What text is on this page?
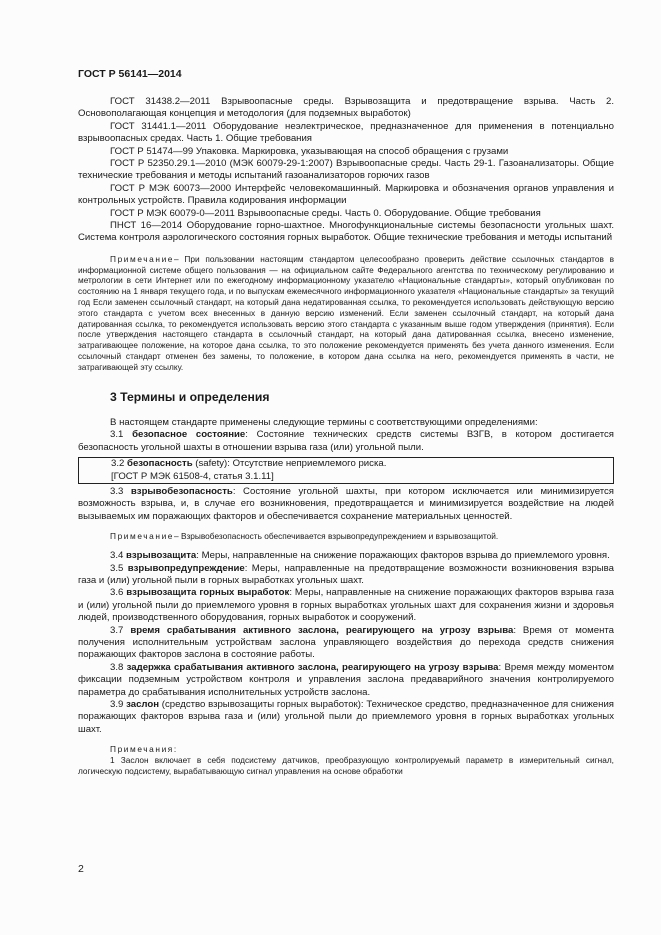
ГОСТ Р 56141—2014

ГОСТ 31438.2—2011 Взрывоопасные среды. Взрывозащита и предотвращение взрыва. Часть 2. Основополагающая концепция и методология (для подземных выработок)

ГОСТ 31441.1—2011 Оборудование неэлектрическое, предназначенное для применения в потенциально взрывоопасных средах. Часть 1. Общие требования

ГОСТ Р 51474—99 Упаковка. Маркировка, указывающая на способ обращения с грузами

ГОСТ Р 52350.29.1—2010 (МЭК 60079-29-1:2007) Взрывоопасные среды. Часть 29-1. Газоанализаторы. Общие технические требования и методы испытаний газоанализаторов горючих газов

ГОСТ Р МЭК 60073—2000 Интерфейс человекомашинный. Маркировка и обозначения органов управления и контрольных устройств. Правила кодирования информации

ГОСТ Р МЭК 60079-0—2011 Взрывоопасные среды. Часть 0. Оборудование. Общие требования

ПНСТ 16—2014 Оборудование горно-шахтное. Многофункциональные системы безопасности угольных шахт. Система контроля аэрологического состояния горных выработок. Общие технические требования и методы испытаний

Примечание– При пользовании настоящим стандартом целесообразно проверить действие ссылочных стандартов в информационной системе общего пользования — на официальном сайте Федерального агентства по техническому регулированию и метрологии в сети Интернет или по ежегодному информационному указателю «Национальные стандарты», который опубликован по состоянию на 1 января текущего года, и по выпускам ежемесячного информационного указателя «Национальные стандарты» за текущий год Если заменен ссылочный стандарт, на который дана недатированная ссылка, то рекомендуется использовать действующую версию этого стандарта с учетом всех внесенных в данную версию изменений. Если заменен ссылочный стандарт, на который дана датированная ссылка, то рекомендуется использовать версию этого стандарта с указанным выше годом утверждения (принятия). Если после утверждения настоящего стандарта в ссылочный стандарт, на который дана датированная ссылка, внесено изменение, затрагивающее положение, на которое дана ссылка, то это положение рекомендуется применять без учета данного изменения. Если ссылочный стандарт отменен без замены, то положение, в котором дана ссылка на него, рекомендуется применять в части, не затрагивающей эту ссылку.

3 Термины и определения

В настоящем стандарте применены следующие термины с соответствующими определениями:

3.1 безопасное состояние: Состояние технических средств системы ВЗГВ, в котором достигается безопасность угольной шахты в отношении взрыва газа (или) угольной пыли.

3.2 безопасность (safety): Отсутствие неприемлемого риска.

[ГОСТ Р МЭК 61508-4, статья 3.1.11]

3.3 взрывобезопасность: Состояние угольной шахты, при котором исключается или минимизируется возможность взрыва, и, в случае его возникновения, предотвращается и минимизируется воздействие на людей вызываемых им поражающих факторов и обеспечивается сохранение материальных ценностей.

Примечание– Взрывобезопасность обеспечивается взрывопредупреждением и взрывозащитой.

3.4 взрывозащита: Меры, направленные на снижение поражающих факторов взрыва до приемлемого уровня.

3.5 взрывопредупреждение: Меры, направленные на предотвращение возможности возникновения взрыва газа и (или) угольной пыли в горных выработках угольных шахт.

3.6 взрывозащита горных выработок: Меры, направленные на снижение поражающих факторов взрыва газа и (или) угольной пыли до приемлемого уровня в горных выработках угольных шахт для сохранения жизни и здоровья людей, производственного оборудования, горных выработок и сооружений.

3.7 время срабатывания активного заслона, реагирующего на угрозу взрыва: Время от момента получения исполнительным устройствам заслона управляющего воздействия до перехода средств снижения поражающих факторов заслона в состояние работы.

3.8 задержка срабатывания активного заслона, реагирующего на угрозу взрыва: Время между моментом фиксации подземным устройством контроля и управления заслона предаварийного значения контролируемого параметра до срабатывания исполнительных устройств заслона.

3.9 заслон (средство взрывозащиты горных выработок): Техническое средство, предназначенное для снижения поражающих факторов взрыва газа и (или) угольной пыли до приемлемого уровня в горных выработках угольных шахт.

Примечания:

1 Заслон включает в себя подсистему датчиков, преобразующую контролируемый параметр в измерительный сигнал, логическую подсистему, вырабатывающую сигнал управления на основе обработки

2
